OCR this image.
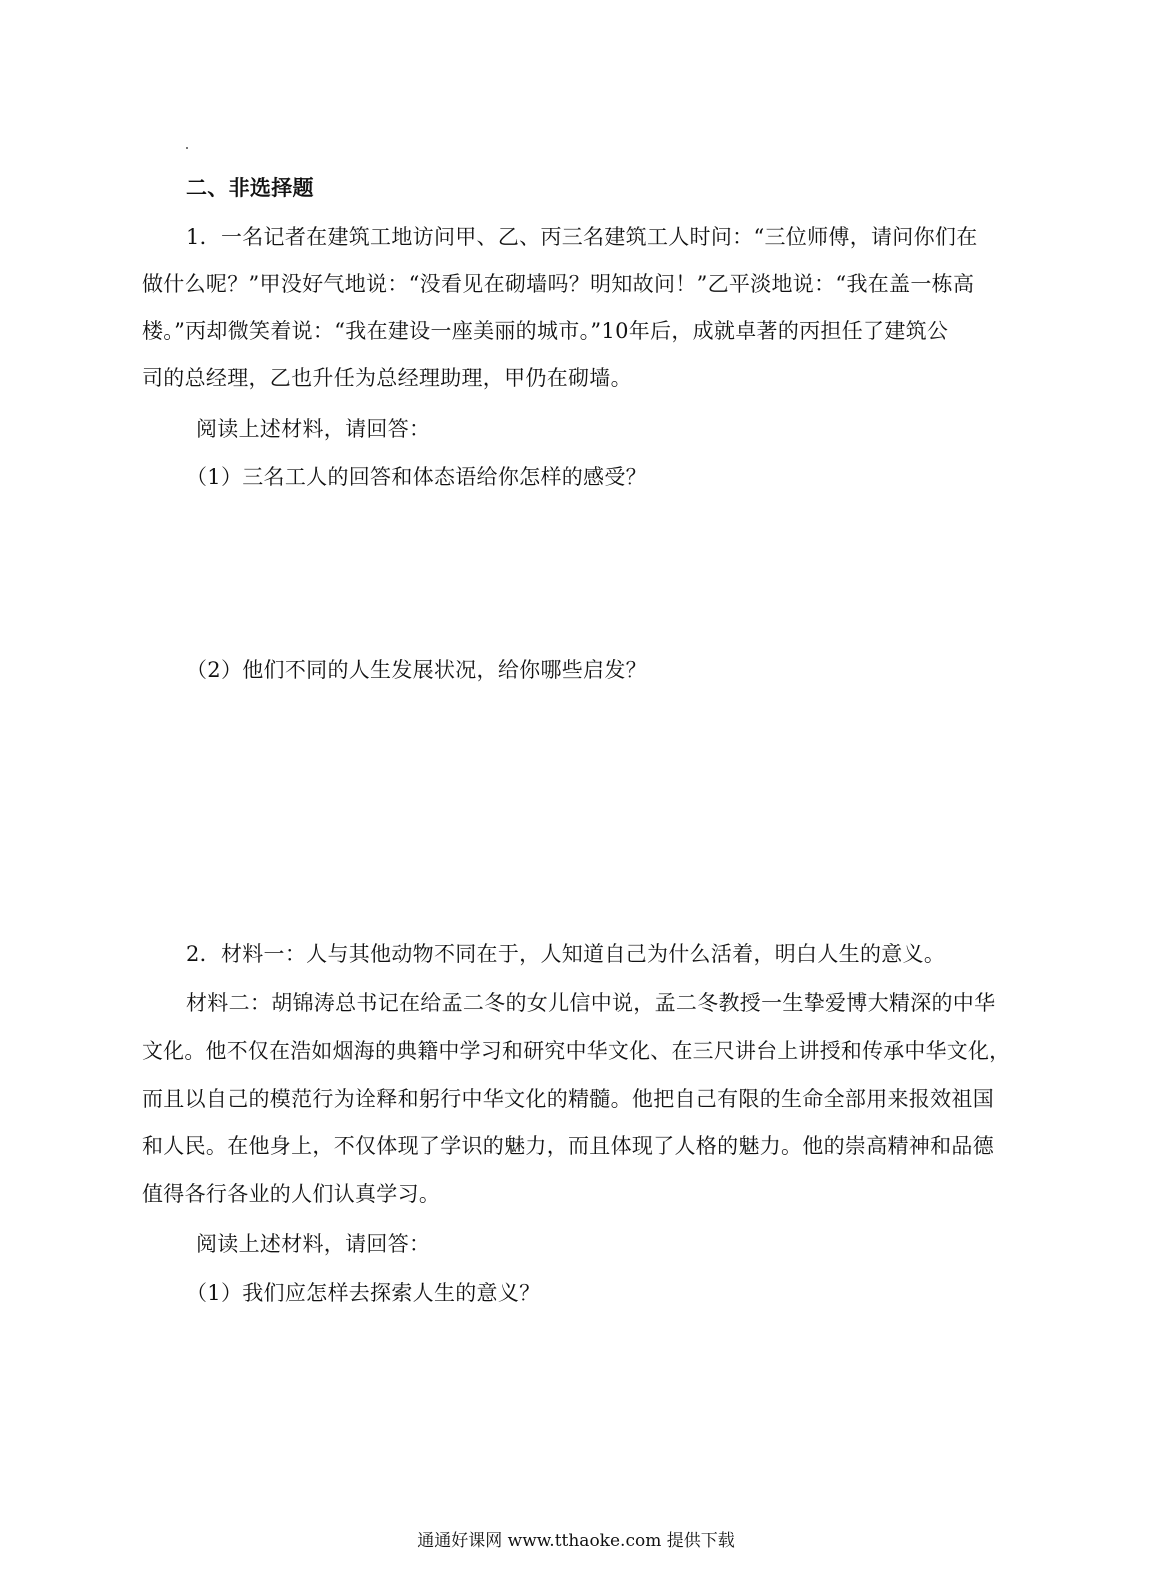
二、非选择题
1．一名记者在建筑工地访问甲、乙、丙三名建筑工人时问：“三位师傅，请问你们在
做什么呢？”甲没好气地说：“没看见在砌墙吗？明知故问！”乙平淡地说：“我在盖一栋高
楼。”丙却微笑着说：“我在建设一座美丽的城市。”10年后，成就卓著的丙担任了建筑公
司的总经理，乙也升任为总经理助理，甲仍在砌墙。
阅读上述材料，请回答：
（1）三名工人的回答和体态语给你怎样的感受？
（2）他们不同的人生发展状况，给你哪些启发？
2．材料一：人与其他动物不同在于，人知道自己为什么活着，明白人生的意义。
材料二：胡锦涛总书记在给孟二冬的女儿信中说，孟二冬教授一生挚爱博大精深的中华
文化。他不仅在浩如烟海的典籍中学习和研究中华文化、在三尺讲台上讲授和传承中华文化，
而且以自己的模范行为诠释和躬行中华文化的精髓。他把自己有限的生命全部用来报效祖国
和人民。在他身上，不仅体现了学识的魅力，而且体现了人格的魅力。他的崇高精神和品德
值得各行各业的人们认真学习。
阅读上述材料，请回答：
（1）我们应怎样去探索人生的意义？
通通好课网 www.tthaoke.com 提供下载
